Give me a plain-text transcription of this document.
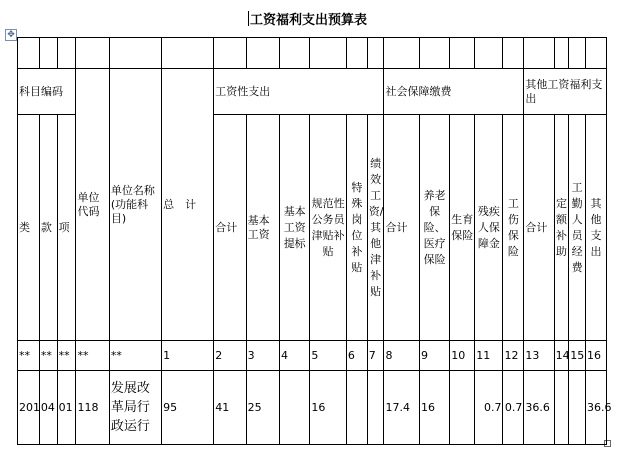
工资福利支出预算表
✥

科目编码			单位代码	单位名称(功能科目)	总　计	工资性支出						社会保障缴费					其他工资福利支出			
类	款	项				合计	基本工资	基本工资提标	规范性公务员津贴补贴	特殊岗位补贴	绩效工资/其他津补贴	合计	养老保险、医疗保险	生育保险	残疾人保障金	工伤保险	合计	定额补助	工勤人员经费	其他支出
**	**	**	**	**	1	2	3	4	5	6	7	8	9	10	11	12	13	14	15	16
201	04	01	118	发展改革局行政运行	95	41	25		16			17.4	16		0.7	0.7	36.6			36.6
